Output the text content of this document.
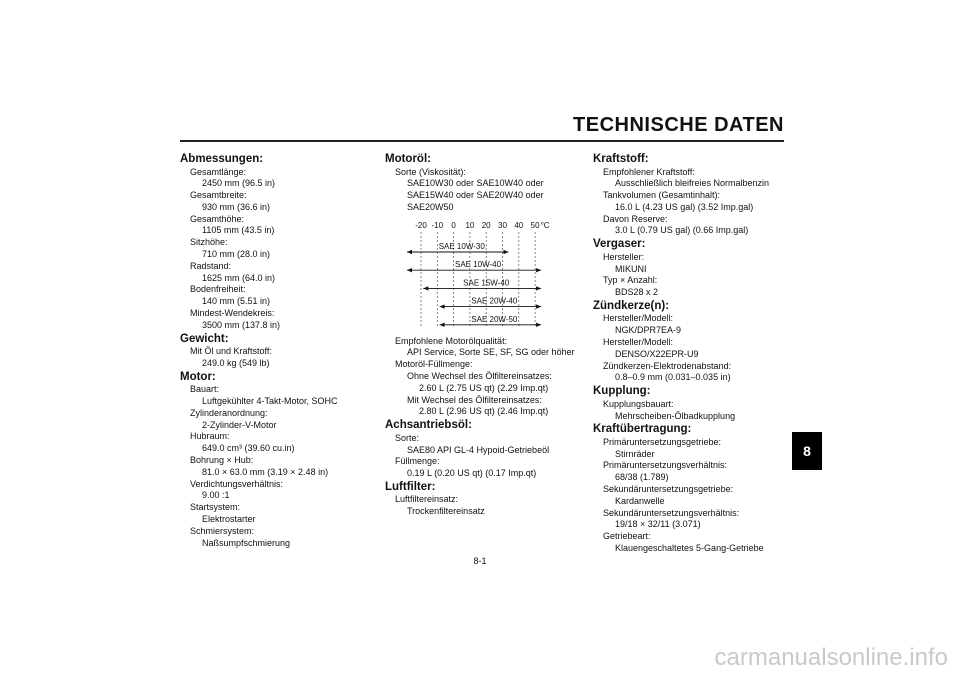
TECHNISCHE DATEN
8
Abmessungen:
Gesamtlänge:
2450 mm (96.5 in)
Gesamtbreite:
930 mm (36.6 in)
Gesamthöhe:
1105 mm (43.5 in)
Sitzhöhe:
710 mm (28.0 in)
Radstand:
1625 mm (64.0 in)
Bodenfreiheit:
140 mm (5.51 in)
Mindest-Wendekreis:
3500 mm (137.8 in)
Gewicht:
Mit Öl und Kraftstoff:
249.0 kg (549 lb)
Motor:
Bauart:
Luftgekühlter 4-Takt-Motor, SOHC
Zylinderanordnung:
2-Zylinder-V-Motor
Hubraum:
649.0 cm³ (39.60 cu.in)
Bohrung × Hub:
81.0 × 63.0 mm (3.19 × 2.48 in)
Verdichtungsverhältnis:
9.00 :1
Startsystem:
Elektrostarter
Schmiersystem:
Naßsumpfschmierung
Motoröl:
Sorte (Viskosität):
SAE10W30 oder SAE10W40 oder
SAE15W40 oder SAE20W40 oder
SAE20W50
-20 -10 0 10 20 30 40 50 °C
SAE 10W-30
SAE 10W-40
SAE 15W-40
SAE 20W-40
SAE 20W-50
Empfohlene Motorölqualität:
API Service, Sorte SE, SF, SG oder höher
Motoröl-Füllmenge:
Ohne Wechsel des Ölfiltereinsatzes:
2.60 L (2.75 US qt) (2.29 Imp.qt)
Mit Wechsel des Ölfiltereinsatzes:
2.80 L (2.96 US qt) (2.46 Imp.qt)
Achsantriebsöl:
Sorte:
SAE80 API GL-4 Hypoid-Getriebeöl
Füllmenge:
0.19 L (0.20 US qt) (0.17 Imp.qt)
Luftfilter:
Luftfiltereinsatz:
Trockenfiltereinsatz
Kraftstoff:
Empfohlener Kraftstoff:
Ausschließlich bleifreies Normalbenzin
Tankvolumen (Gesamtinhalt):
16.0 L (4.23 US gal) (3.52 Imp.gal)
Davon Reserve:
3.0 L (0.79 US gal) (0.66 Imp.gal)
Vergaser:
Hersteller:
MIKUNI
Typ × Anzahl:
BDS28 x 2
Zündkerze(n):
Hersteller/Modell:
NGK/DPR7EA-9
Hersteller/Modell:
DENSO/X22EPR-U9
Zündkerzen-Elektrodenabstand:
0.8–0.9 mm (0.031–0.035 in)
Kupplung:
Kupplungsbauart:
Mehrscheiben-Ölbadkupplung
Kraftübertragung:
Primäruntersetzungsgetriebe:
Stirnräder
Primäruntersetzungsverhältnis:
68/38 (1.789)
Sekundäruntersetzungsgetriebe:
Kardanwelle
Sekundäruntersetzungsverhältnis:
19/18 × 32/11 (3.071)
Getriebeart:
Klauengeschaltetes 5-Gang-Getriebe
8-1
carmanualsonline.info
